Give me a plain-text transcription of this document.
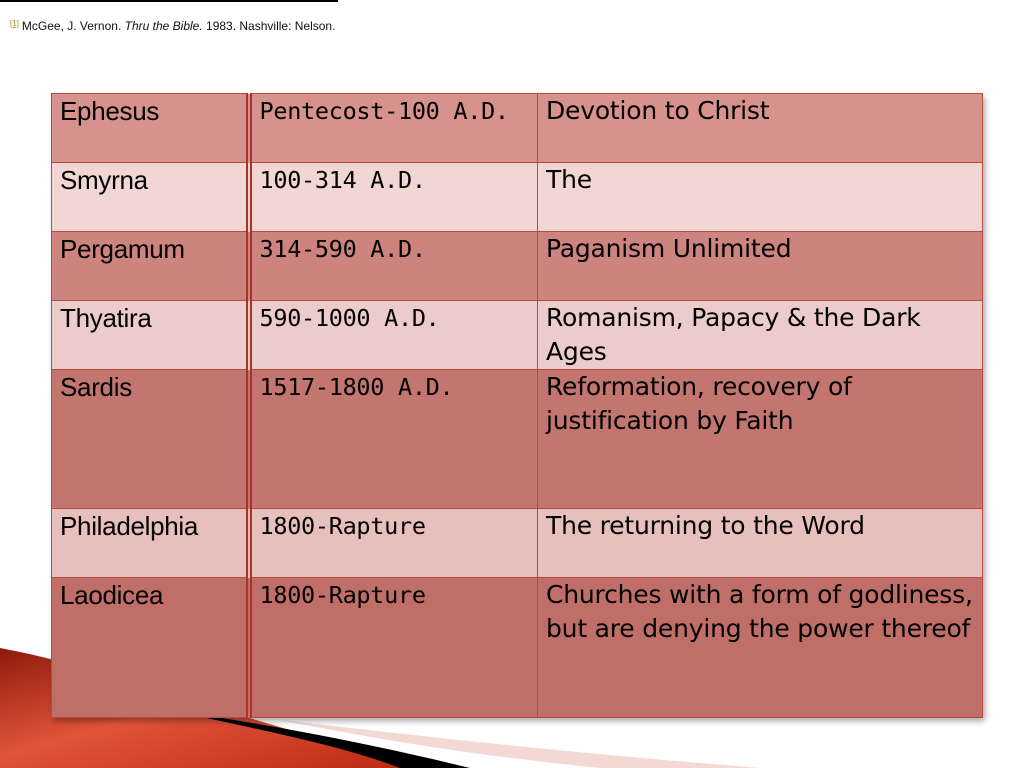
[1] McGee, J. Vernon. Thru the Bible. 1983. Nashville: Nelson.
Ephesus	Pentecost-100 A.D.	Devotion to Christ
Smyrna	100-314 A.D.	The
Pergamum	314-590 A.D.	Paganism Unlimited
Thyatira	590-1000 A.D.	Romanism, Papacy & the Dark Ages
Sardis	1517-1800 A.D.	Reformation, recovery of justification by Faith
Philadelphia	1800-Rapture	The returning to the Word
Laodicea	1800-Rapture	Churches with a form of godliness, but are denying the power thereof
